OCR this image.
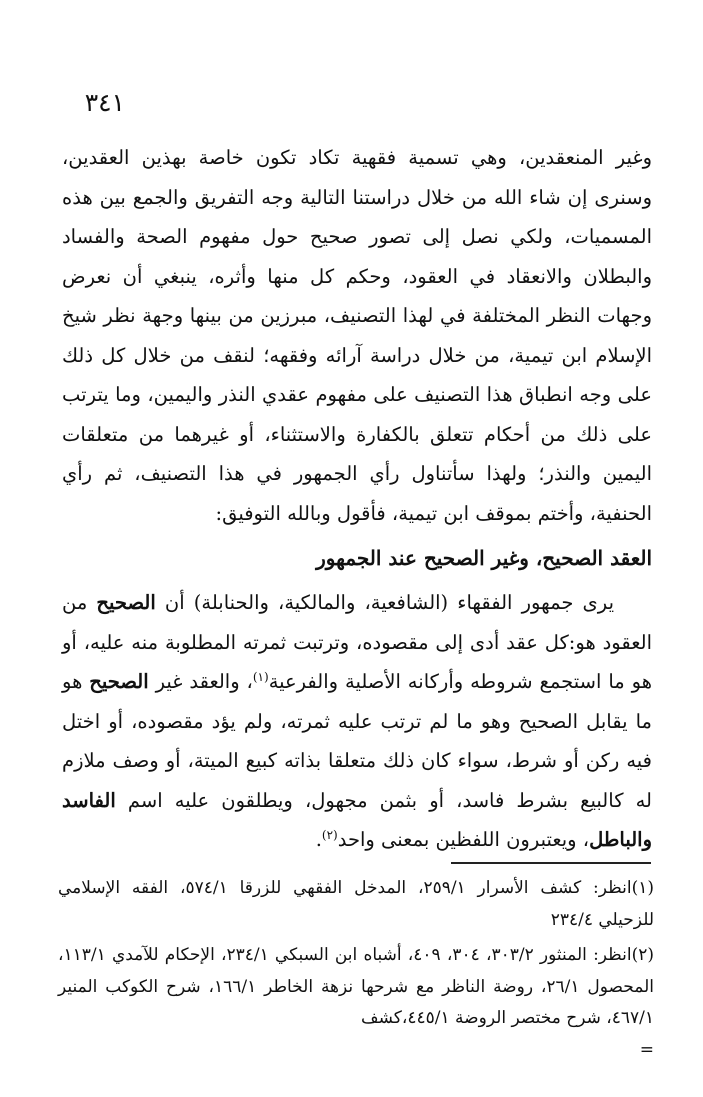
٣٤١

وغير المنعقدين، وهي تسمية فقهية تكاد تكون خاصة بهذين العقدين، وسنرى إن شاء الله من خلال دراستنا التالية وجه التفريق والجمع بين هذه المسميات، ولكي نصل إلى تصور صحيح حول مفهوم الصحة والفساد والبطلان والانعقاد في العقود، وحكم كل منها وأثره، ينبغي أن نعرض وجهات النظر المختلفة في لهذا التصنيف، مبرزين من بينها وجهة نظر شيخ الإسلام ابن تيمية، من خلال دراسة آرائه وفقهه؛ لنقف من خلال كل ذلك على وجه انطباق هذا التصنيف على مفهوم عقدي النذر واليمين، وما يترتب على ذلك من أحكام تتعلق بالكفارة والاستثناء، أو غيرهما من متعلقات اليمين والنذر؛ ولهذا سأتناول رأي الجمهور في هذا التصنيف، ثم رأي الحنفية، وأختم بموقف ابن تيمية، فأقول وبالله التوفيق:

العقد الصحيح، وغير الصحيح عند الجمهور

يرى جمهور الفقهاء (الشافعية، والمالكية، والحنابلة) أن الصحيح من العقود هو:كل عقد أدى إلى مقصوده، وترتبت ثمرته المطلوبة منه عليه، أو هو ما استجمع شروطه وأركانه الأصلية والفرعية$^{(١)}$، والعقد غير الصحيح هو ما يقابل الصحيح وهو ما لم ترتب عليه ثمرته، ولم يؤد مقصوده، أو اختل فيه ركن أو شرط، سواء كان ذلك متعلقا بذاته كبيع الميتة، أو وصف ملازم له كالبيع بشرط فاسد، أو بثمن مجهول، ويطلقون عليه اسم الفاسد والباطل، ويعتبرون اللفظين بمعنى واحد$^{(٢)}$.

(١)انظر: كشف الأسرار ٢٥٩/١، المدخل الفقهي للزرقا ٥٧٤/١، الفقه الإسلامي للزحيلي ٢٣٤/٤

(٢)انظر: المنثور ٣٠٣/٢، ٣٠٤، ٤٠٩، أشباه ابن السبكي ٢٣٤/١، الإحكام للآمدي ١١٣/١، المحصول ٢٦/١، روضة الناظر مع شرحها نزهة الخاطر ١٦٦/١، شرح الكوكب المنير ٤٦٧/١، شرح مختصر الروضة ٤٤٥/١،كشف

=
